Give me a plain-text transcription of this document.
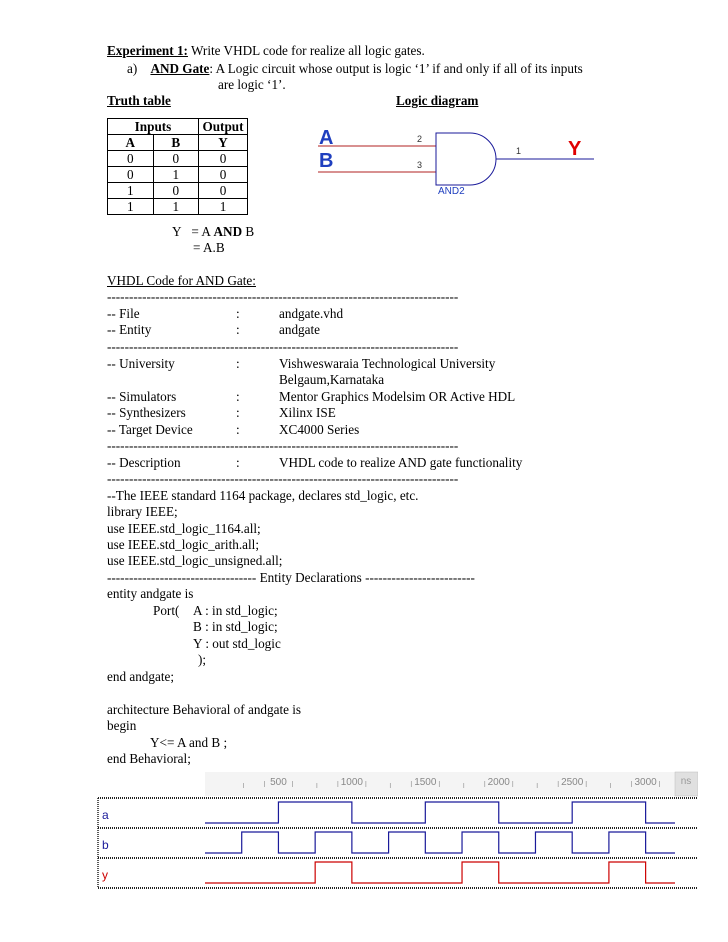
Experiment 1: Write VHDL code for realize all logic gates.
a) AND Gate: A Logic circuit whose output is logic ‘1’ if and only if all of its inputs
are logic ‘1’.
Truth table	Logic diagram
Inputs		Output
A	B	Y
0	0	0
0	1	0
1	0	0
1	1	1
Y = A AND B
= A.B
A
B
2
3
1
AND2
Y
VHDL Code for AND Gate:
--------------------------------------------------------------------------------
-- File	:	andgate.vhd
-- Entity	:	andgate
--------------------------------------------------------------------------------
-- University	:	Vishweswaraia Technological University
Belgaum,Karnataka
-- Simulators	:	Mentor Graphics Modelsim OR Active HDL
-- Synthesizers	:	Xilinx ISE
-- Target Device	:	XC4000 Series
--------------------------------------------------------------------------------
-- Description	:	VHDL code to realize AND gate functionality
--------------------------------------------------------------------------------
--The IEEE standard 1164 package, declares std_logic, etc.
library IEEE;
use IEEE.std_logic_1164.all;
use IEEE.std_logic_arith.all;
use IEEE.std_logic_unsigned.all;
---------------------------------- Entity Declarations -------------------------
entity andgate is
Port( A : in std_logic;
B : in std_logic;
Y : out std_logic
);
end andgate;
architecture Behavioral of andgate is
begin
Y<= A and B ;
end Behavioral;
ns
500	1000	1500	2000	2500	3000
a
b
y
